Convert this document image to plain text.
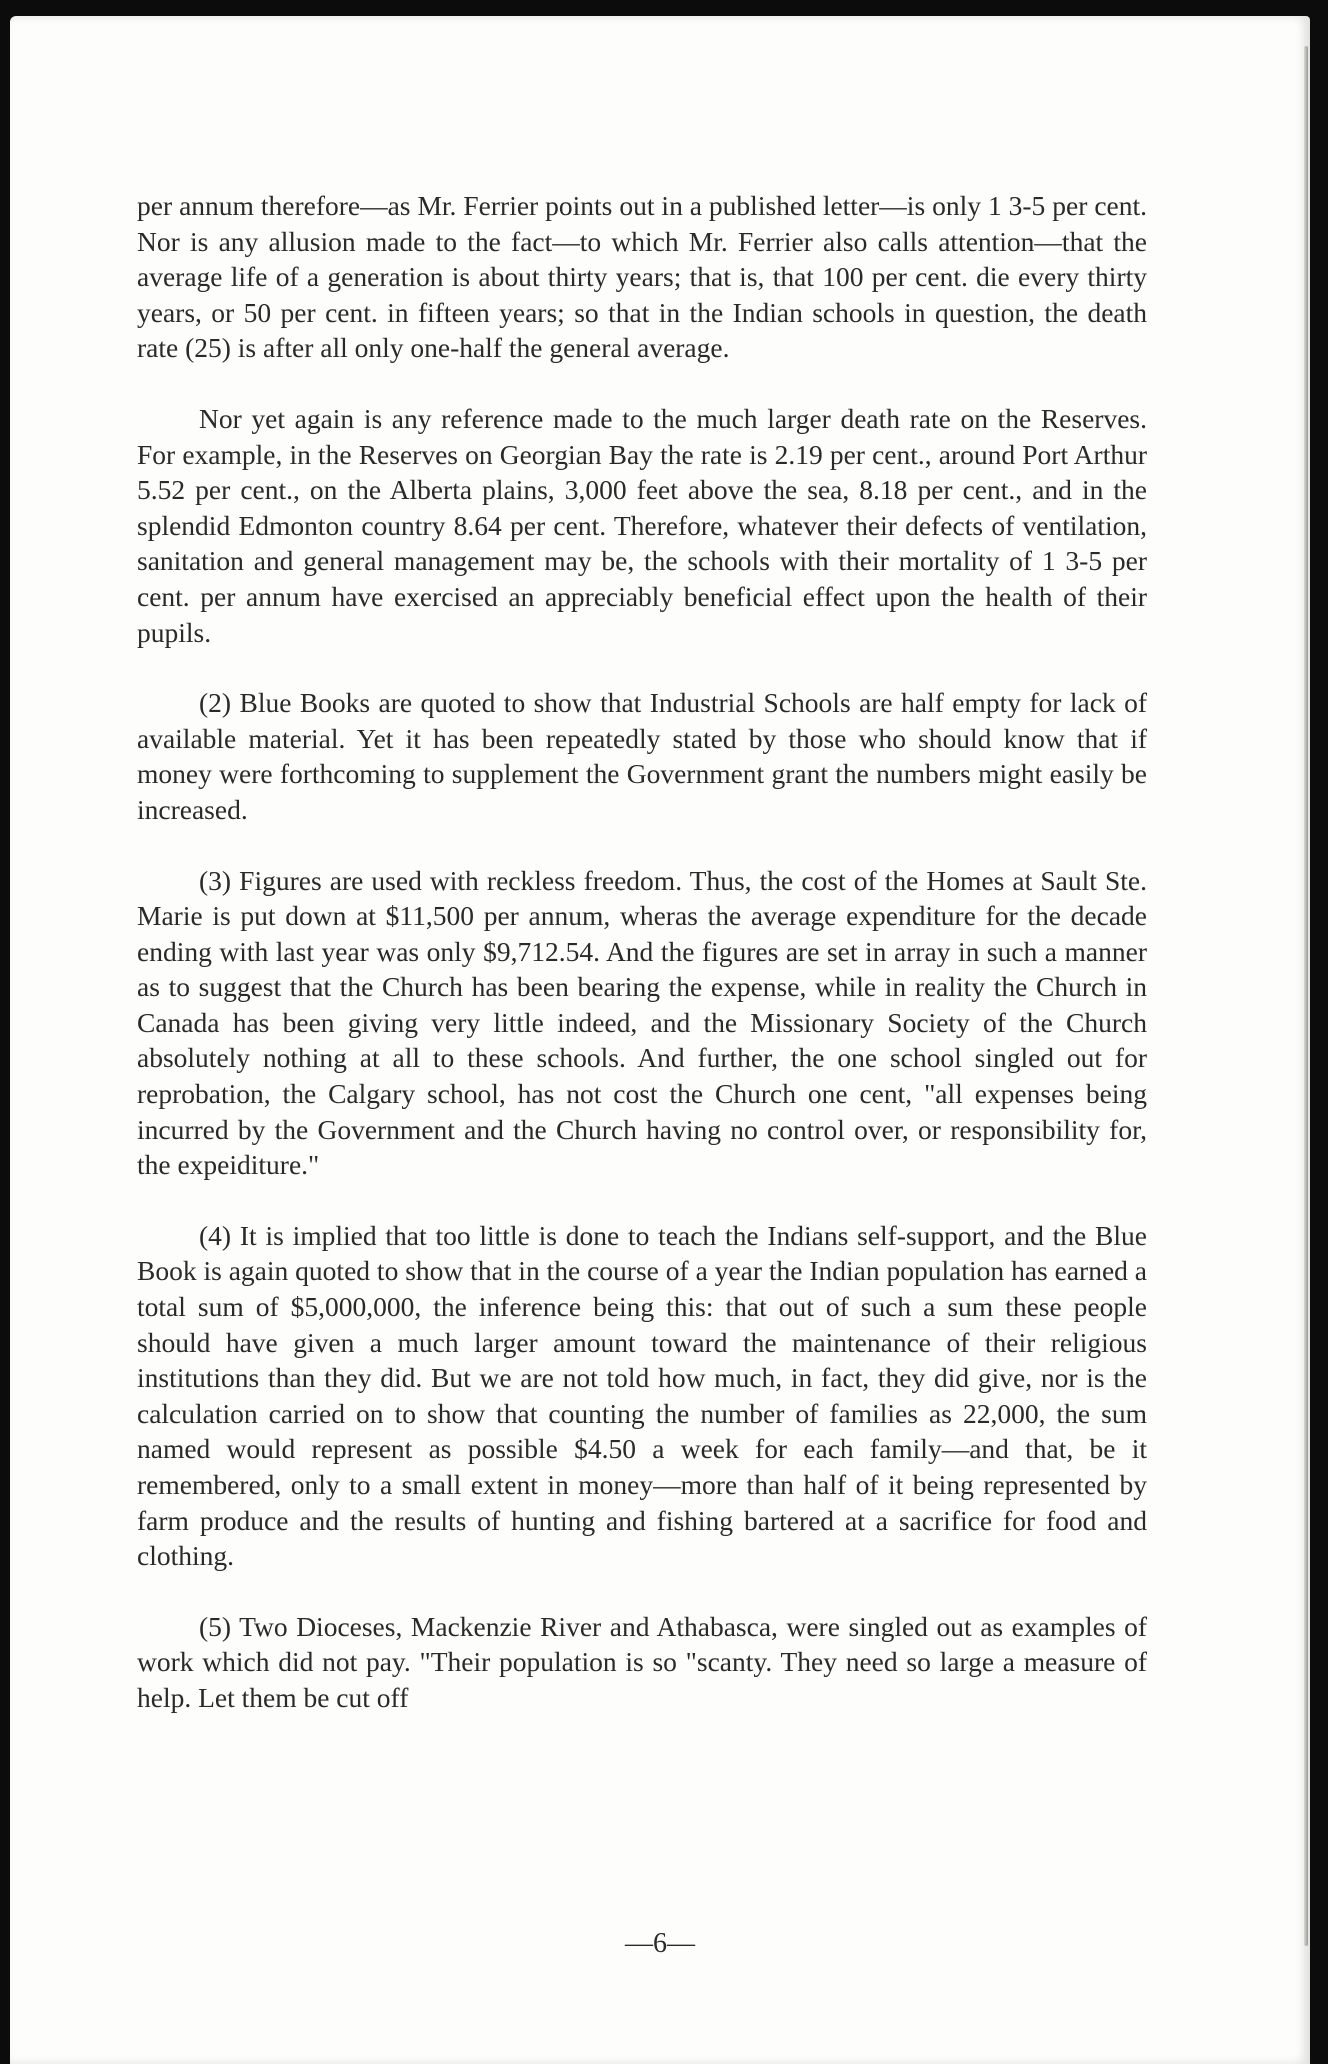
per annum therefore—as Mr. Ferrier points out in a published letter—is only 1 3-5 per cent. Nor is any allusion made to the fact—to which Mr. Ferrier also calls attention—that the average life of a generation is about thirty years; that is, that 100 per cent. die every thirty years, or 50 per cent. in fifteen years; so that in the Indian schools in question, the death rate (25) is after all only one-half the general average.

Nor yet again is any reference made to the much larger death rate on the Reserves. For example, in the Reserves on Georgian Bay the rate is 2.19 per cent., around Port Arthur 5.52 per cent., on the Alberta plains, 3,000 feet above the sea, 8.18 per cent., and in the splendid Edmonton country 8.64 per cent. Therefore, whatever their defects of ventilation, sanitation and general management may be, the schools with their mortality of 1 3-5 per cent. per annum have exercised an appreciably beneficial effect upon the health of their pupils.

(2) Blue Books are quoted to show that Industrial Schools are half empty for lack of available material. Yet it has been repeatedly stated by those who should know that if money were forthcoming to supplement the Government grant the numbers might easily be increased.

(3) Figures are used with reckless freedom. Thus, the cost of the Homes at Sault Ste. Marie is put down at $11,500 per annum, wheras the average expenditure for the decade ending with last year was only $9,712.54. And the figures are set in array in such a manner as to suggest that the Church has been bearing the expense, while in reality the Church in Canada has been giving very little indeed, and the Missionary Society of the Church absolutely nothing at all to these schools. And further, the one school singled out for reprobation, the Calgary school, has not cost the Church one cent, "all expenses being incurred by the Government and the Church having no control over, or responsibility for, the expeiditure."

(4) It is implied that too little is done to teach the Indians self-support, and the Blue Book is again quoted to show that in the course of a year the Indian population has earned a total sum of $5,000,000, the inference being this: that out of such a sum these people should have given a much larger amount toward the maintenance of their religious institutions than they did. But we are not told how much, in fact, they did give, nor is the calculation carried on to show that counting the number of families as 22,000, the sum named would represent as possible $4.50 a week for each family—and that, be it remembered, only to a small extent in money—more than half of it being represented by farm produce and the results of hunting and fishing bartered at a sacrifice for food and clothing.

(5) Two Dioceses, Mackenzie River and Athabasca, were singled out as examples of work which did not pay. "Their population is so "scanty. They need so large a measure of help. Let them be cut off

—6—
